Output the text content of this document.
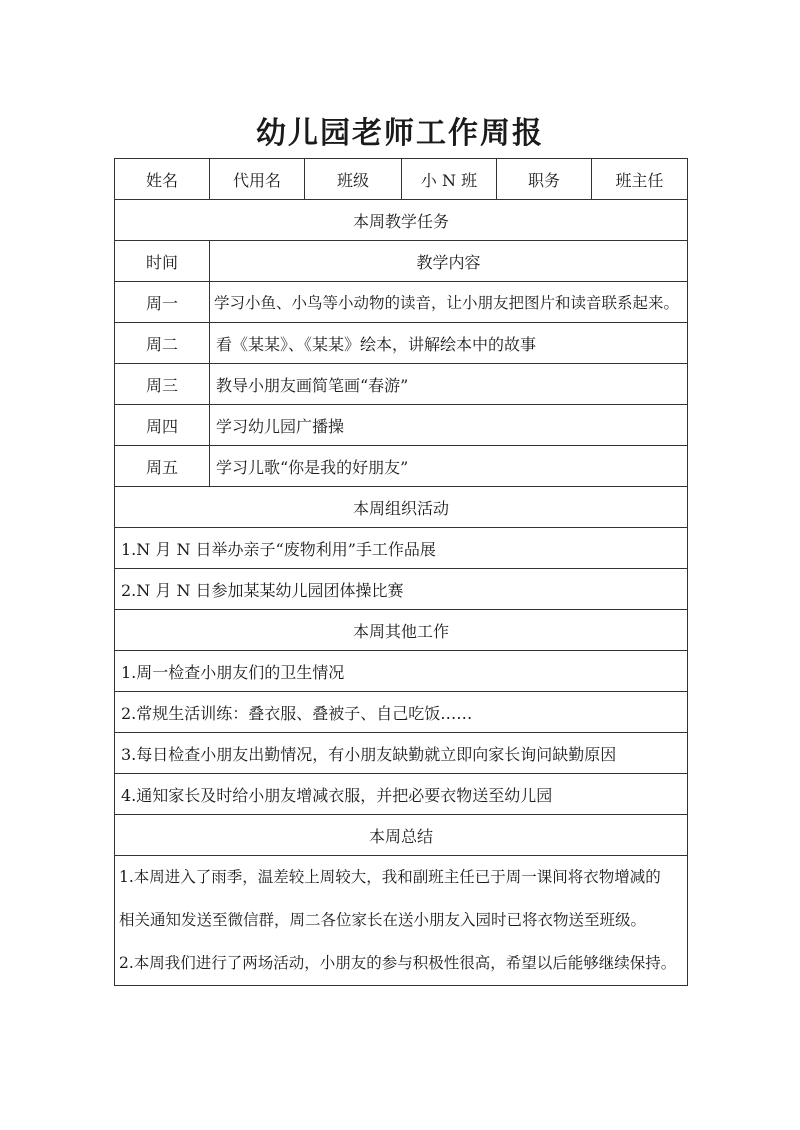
幼儿园老师工作周报
姓名	代用名	班级	小 N 班	职务	班主任
本周教学任务					
时间	教学内容				
周一	学习小鱼、小鸟等小动物的读音，让小朋友把图片和读音联系起来。				
周二	看《某某》、《某某》绘本，讲解绘本中的故事				
周三	教导小朋友画简笔画“春游”				
周四	学习幼儿园广播操				
周五	学习儿歌“你是我的好朋友”				
本周组织活动					
1.N 月 N 日举办亲子“废物利用”手工作品展					
2.N 月 N 日参加某某幼儿园团体操比赛					
本周其他工作					
1.周一检查小朋友们的卫生情况					
2.常规生活训练：叠衣服、叠被子、自己吃饭……					
3.每日检查小朋友出勤情况，有小朋友缺勤就立即向家长询问缺勤原因					
4.通知家长及时给小朋友增减衣服，并把必要衣物送至幼儿园					
本周总结					

1.本周进入了雨季，温差较上周较大，我和副班主任已于周一课间将衣物增减的
相关通知发送至微信群，周二各位家长在送小朋友入园时已将衣物送至班级。
2.本周我们进行了两场活动，小朋友的参与积极性很高，希望以后能够继续保持。					
